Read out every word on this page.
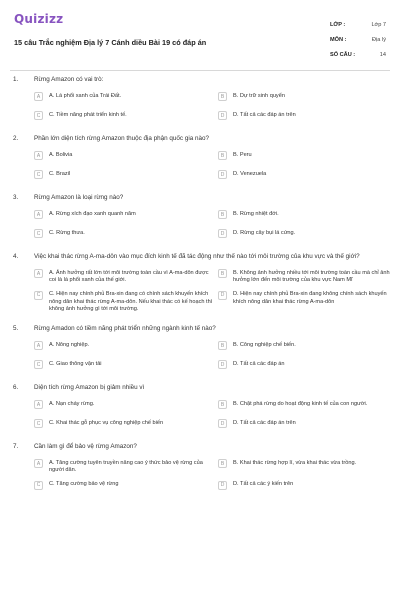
Quizizz
15 câu Trắc nghiệm Địa lý 7 Cánh diều Bài 19 có đáp án
LỚP :	Lớp 7
MÔN :	Địa lý
SỐ CÂU :	14
1.	Rừng Amazon có vai trò:
A	A. Lá phổi xanh của Trái Đất.	B	B. Dự trữ sinh quyển
C	C. Tiềm năng phát triển kinh tế.	D	D. Tất cả các đáp án trên
2.	Phần lớn diện tích rừng Amazon thuộc địa phận quốc gia nào?
A	A. Bolivia	B	B. Peru
C	C. Brazil	D	D. Venezuela
3.	Rừng Amazon là loại rừng nào?
A	A. Rừng xích đạo xanh quanh năm	B	B. Rừng nhiệt đới.
C	C. Rừng thưa.	D	D. Rừng cây bụi lá cứng.
4.	Việc khai thác rừng A-ma-dôn vào mục đích kinh tế đã tác động như thế nào tới môi trường của khu vực và thế giới?
A	A. Ảnh hưởng rất lớn tới môi trường toàn cầu vì A-ma-dôn được coi là lá phổi xanh của thế giới.
B	B. Không ảnh hưởng nhiều tới môi trường toàn cầu mà chỉ ảnh hưởng lớn đến môi trường của khu vực Nam Mĩ
C	C. Hiện nay chính phủ Bra-xin đang có chính sách khuyến khích nông dân khai thác rừng A-ma-dôn. Nếu khai thác có kế hoạch thì không ảnh hưởng gì tới môi trường.
D	D. Hiện nay chính phủ Bra-xin đang không chính sách khuyến khích nông dân khai thác rừng A-ma-dôn
5.	Rừng Amadon có tiềm năng phát triển những ngành kinh tế nào?
A	A. Nông nghiệp.	B	B. Công nghiệp chế biến.
C	C. Giao thông vận tải	D	D. Tất cả các đáp án
6.	Diện tích rừng Amazon bị giảm nhiều vì
A	A. Nạn cháy rừng.	B	B. Chặt phá rừng do hoạt động kinh tế của con người.
C	C. Khai thác gỗ phục vụ công nghiệp chế biến	D	D. Tất cả các đáp án trên
7.	Cần làm gì để bảo vệ rừng Amazon?
A	A. Tăng cường tuyên truyền nâng cao ý thức bảo vệ rừng của người dân.
B	B. Khai thác rừng hợp lí, vừa khai thác vừa trồng.
C	C. Tăng cường bảo vệ rừng	D	D. Tất cả các ý kiến trên
